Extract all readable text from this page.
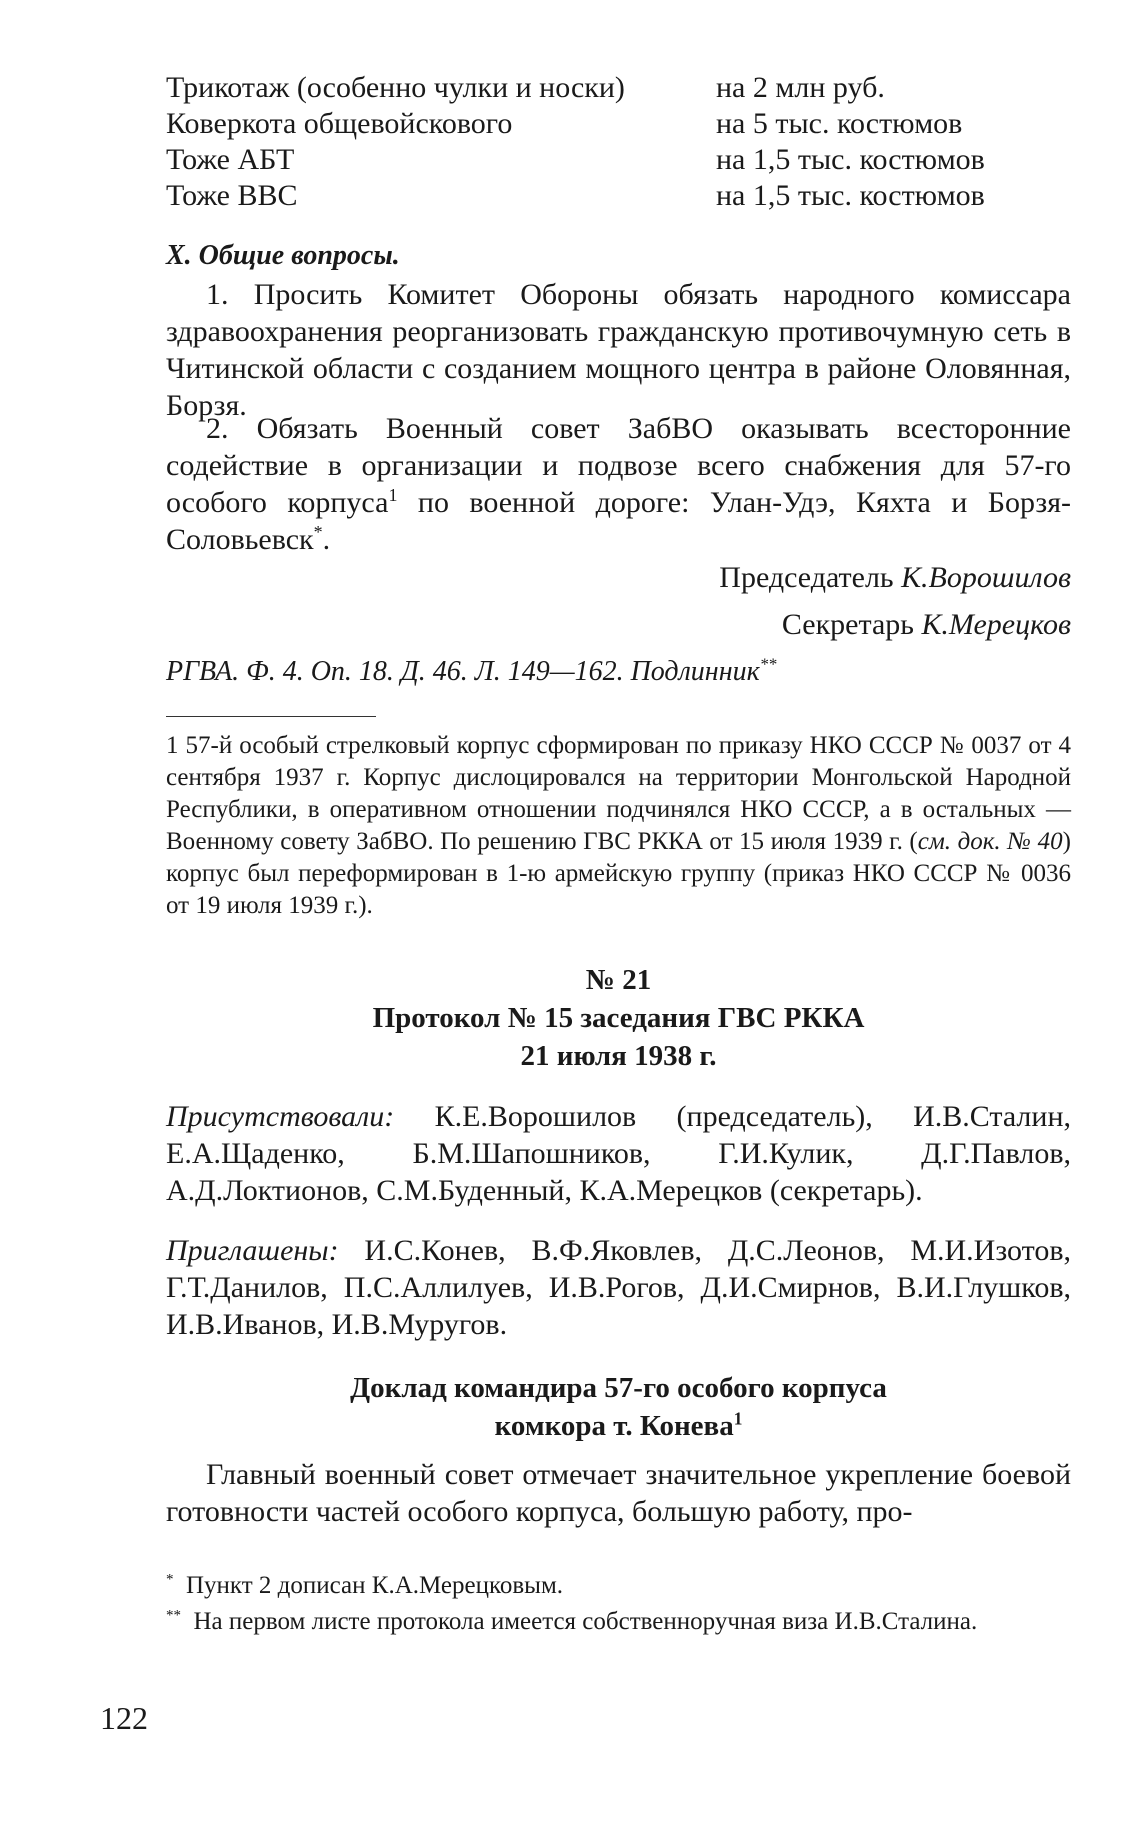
Трикотаж (особенно чулки и носки)	на 2 млн руб.
Коверкота общевойскового	на 5 тыс. костюмов
Тоже АБТ	на 1,5 тыс. костюмов
Тоже ВВС	на 1,5 тыс. костюмов
Х. Общие вопросы.
1. Просить Комитет Обороны обязать народного комиссара здравоохранения реорганизовать гражданскую противочумную сеть в Читинской области с созданием мощного центра в районе Оловянная, Борзя.
2. Обязать Военный совет ЗабВО оказывать всесторонние содействие в организации и подвозе всего снабжения для 57-го особого корпуса$^1$ по военной дороге: Улан-Удэ, Кяхта и Борзя-Соловьевск*.
Председатель К.Ворошилов
Секретарь К.Мерецков
РГВА. Ф. 4. Оп. 18. Д. 46. Л. 149—162. Подлинник**
1 57-й особый стрелковый корпус сформирован по приказу НКО СССР № 0037 от 4 сентября 1937 г. Корпус дислоцировался на территории Монгольской Народной Республики, в оперативном отношении подчинялся НКО СССР, а в остальных — Военному совету ЗабВО. По решению ГВС РККА от 15 июля 1939 г. (см. док. № 40) корпус был переформирован в 1-ю армейскую группу (приказ НКО СССР № 0036 от 19 июля 1939 г.).
№ 21
Протокол № 15 заседания ГВС РККА
21 июля 1938 г.
Присутствовали: К.Е.Ворошилов (председатель), И.В.Сталин, Е.А.Щаденко, Б.М.Шапошников, Г.И.Кулик, Д.Г.Павлов, А.Д.Локтионов, С.М.Буденный, К.А.Мерецков (секретарь).
Приглашены: И.С.Конев, В.Ф.Яковлев, Д.С.Леонов, М.И.Изотов, Г.Т.Данилов, П.С.Аллилуев, И.В.Рогов, Д.И.Смирнов, В.И.Глушков, И.В.Иванов, И.В.Муругов.
Доклад командира 57-го особого корпуса
комкора т. Конева$^1$
Главный военный совет отмечает значительное укрепление боевой готовности частей особого корпуса, большую работу, про-
* Пункт 2 дописан К.А.Мерецковым.
** На первом листе протокола имеется собственноручная виза И.В.Сталина.
122
